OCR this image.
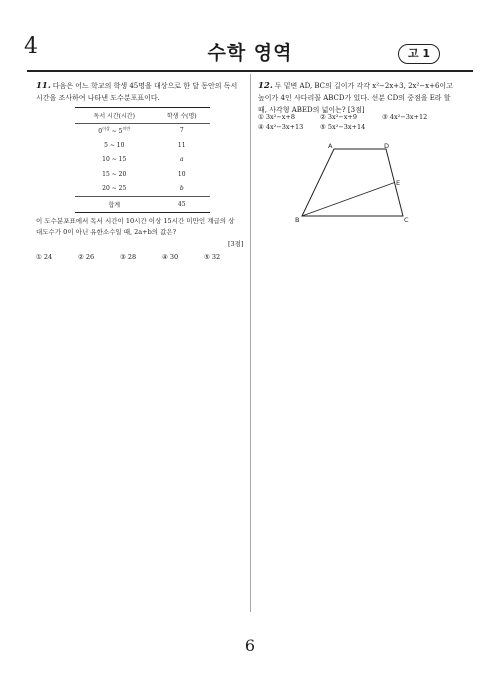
4	수학 영역	고 1
11. 다음은 어느 학교의 학생 45명을 대상으로 한 달 동안의 독서 시간을 조사하여 나타낸 도수분포표이다.
독서 시간(시간)	학생 수(명)
$0^{이상}$ ~ $5^{미만}$	7
5 ~ 10	11
10 ~ 15	a
15 ~ 20	10
20 ~ 25	b
합계	45
이 도수분포표에서 독서 시간이 10시간 이상 15시간 미만인 계급의 상대도수가 0이 아닌 유한소수일 때, 2a+b의 값은?
[3점]
① 24	② 26	③ 28	④ 30	⑤ 32
12. 두 밑변 AD, BC의 길이가 각각 x²−2x+3, 2x²−x+6이고 높이가 4인 사다리꼴 ABCD가 있다. 선분 CD의 중점을 E라 할 때, 사각형 ABED의 넓이는? [3점]
① 3x²−x+8	② 3x²−x+9	③ 4x²−3x+12
④ 4x²−3x+13	⑤ 5x²−3x+14
A	D
E
B	C
6
